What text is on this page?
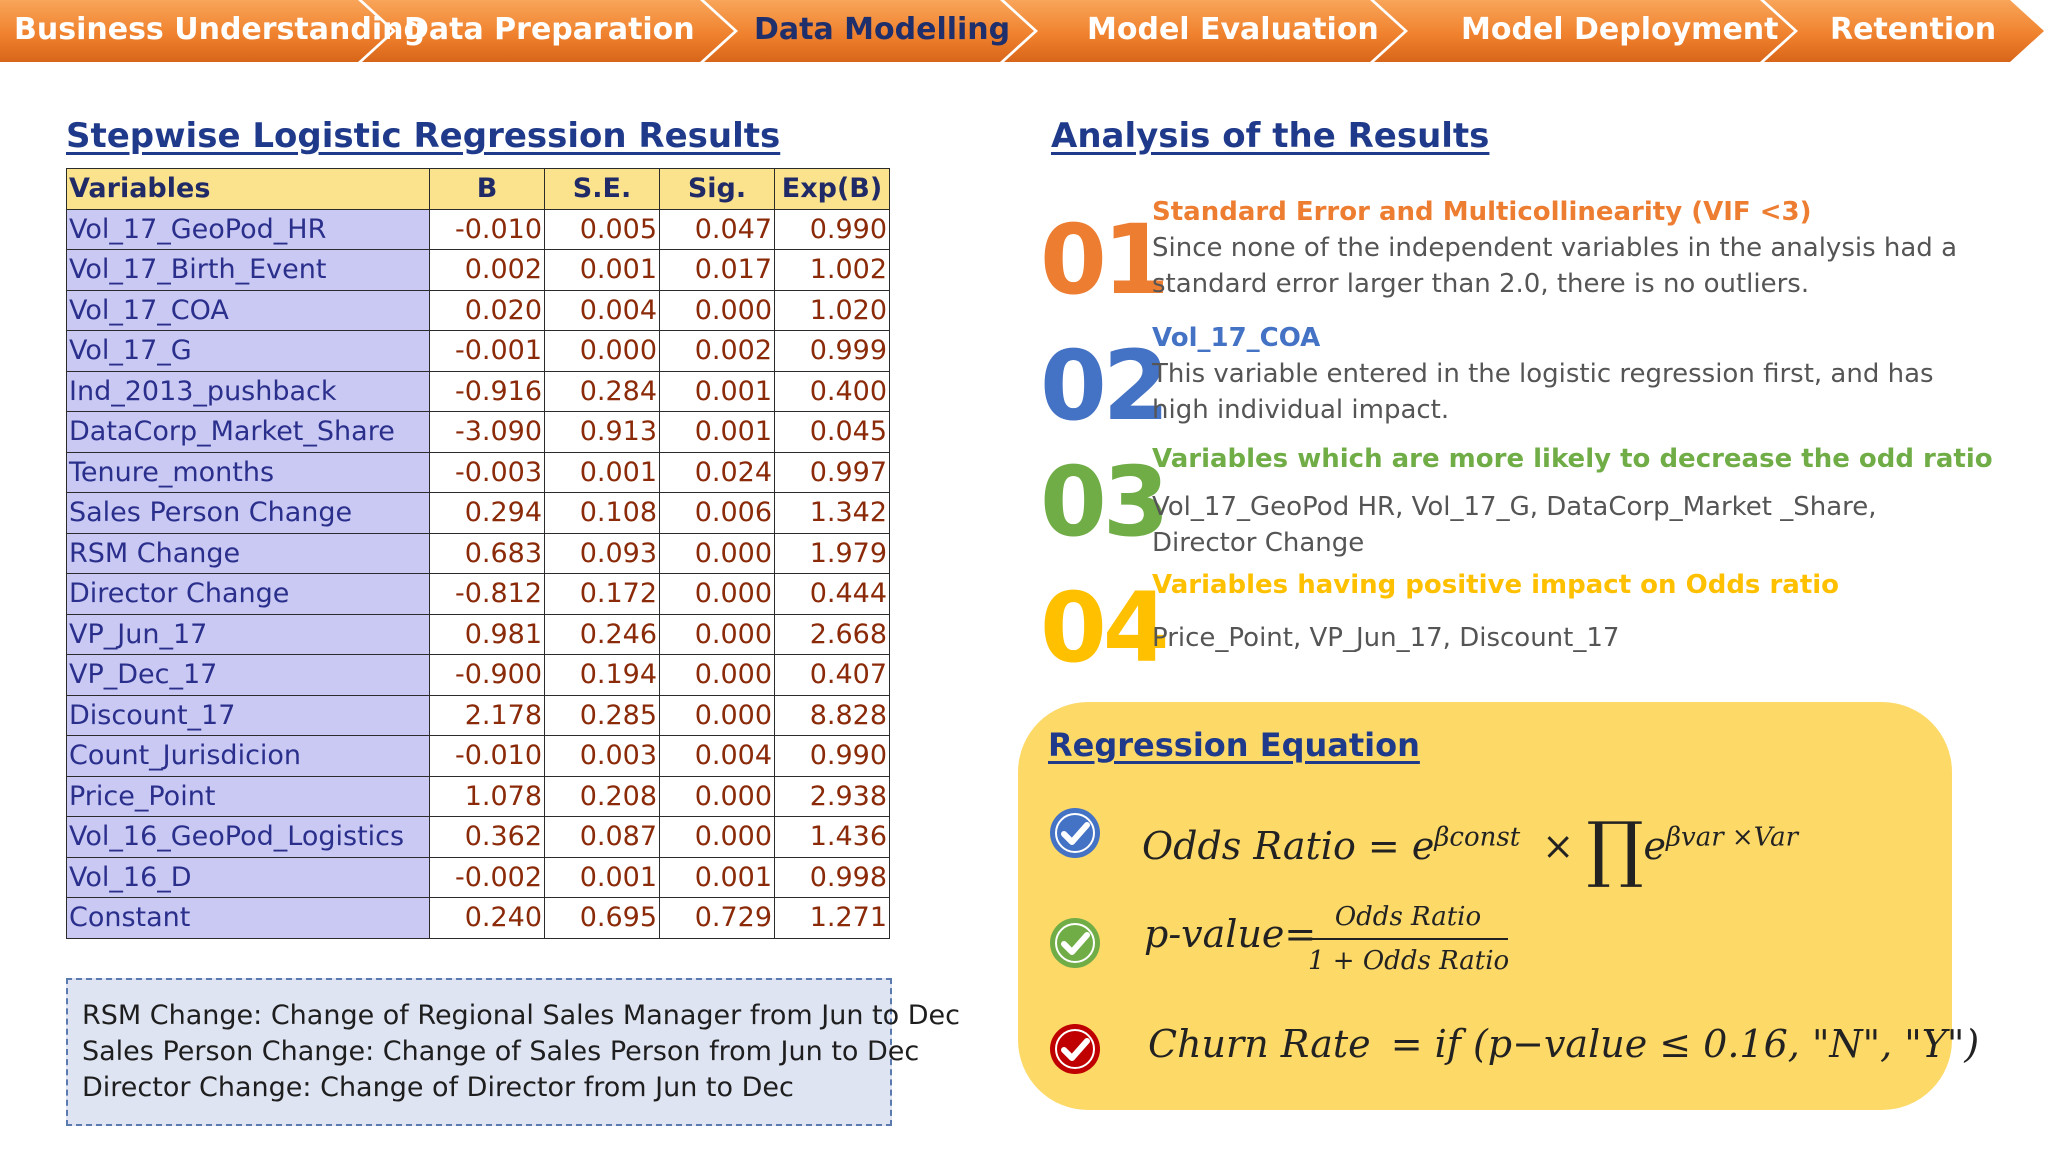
Business Understanding
Data Preparation Data Modelling	Model Evaluation	Model Deployment Retention
Stepwise Logistic Regression Results
Variables	B	S.E.	Sig.	Exp(B)
Vol_17_GeoPod_HR	-0.010	0.005	0.047	0.990
Vol_17_Birth_Event	0.002	0.001	0.017	1.002
Vol_17_COA	0.020	0.004	0.000	1.020
Vol_17_G	-0.001	0.000	0.002	0.999
Ind_2013_pushback	-0.916	0.284	0.001	0.400
DataCorp_Market_Share	-3.090	0.913	0.001	0.045
Tenure_months	-0.003	0.001	0.024	0.997
Sales Person Change	0.294	0.108	0.006	1.342
RSM Change	0.683	0.093	0.000	1.979
Director Change	-0.812	0.172	0.000	0.444
VP_Jun_17	0.981	0.246	0.000	2.668
VP_Dec_17	-0.900	0.194	0.000	0.407
Discount_17	2.178	0.285	0.000	8.828
Count_Jurisdicion	-0.010	0.003	0.004	0.990
Price_Point	1.078	0.208	0.000	2.938
Vol_16_GeoPod_Logistics	0.362	0.087	0.000	1.436
Vol_16_D	-0.002	0.001	0.001	0.998
Constant	0.240	0.695	0.729	1.271
RSM Change: Change of Regional Sales Manager from Jun to Dec
Sales Person Change: Change of Sales Person from Jun to Dec
Director Change: Change of Director from Jun to Dec
Analysis of the Results
01
Standard Error and Multicollinearity (VIF <3)
Since none of the independent variables in the analysis had a standard error larger than 2.0, there is no outliers.
02
Vol_17_COA
This variable entered in the logistic regression first, and has high individual impact.
03
Variables which are more likely to decrease the odd ratio
Vol_17_GeoPod HR, Vol_17_G, DataCorp_Market _Share, Director Change
04
Variables having positive impact on Odds ratio
Price_Point, VP_Jun_17, Discount_17
Regression Equation
Odds Ratio = $e^{\beta const}$ × $\prod e^{\beta var \times Var}$
p-value= Odds Ratio
1 + Odds Ratio
Churn Rate = if (p−value ≤ 0.16, "N", "Y")
